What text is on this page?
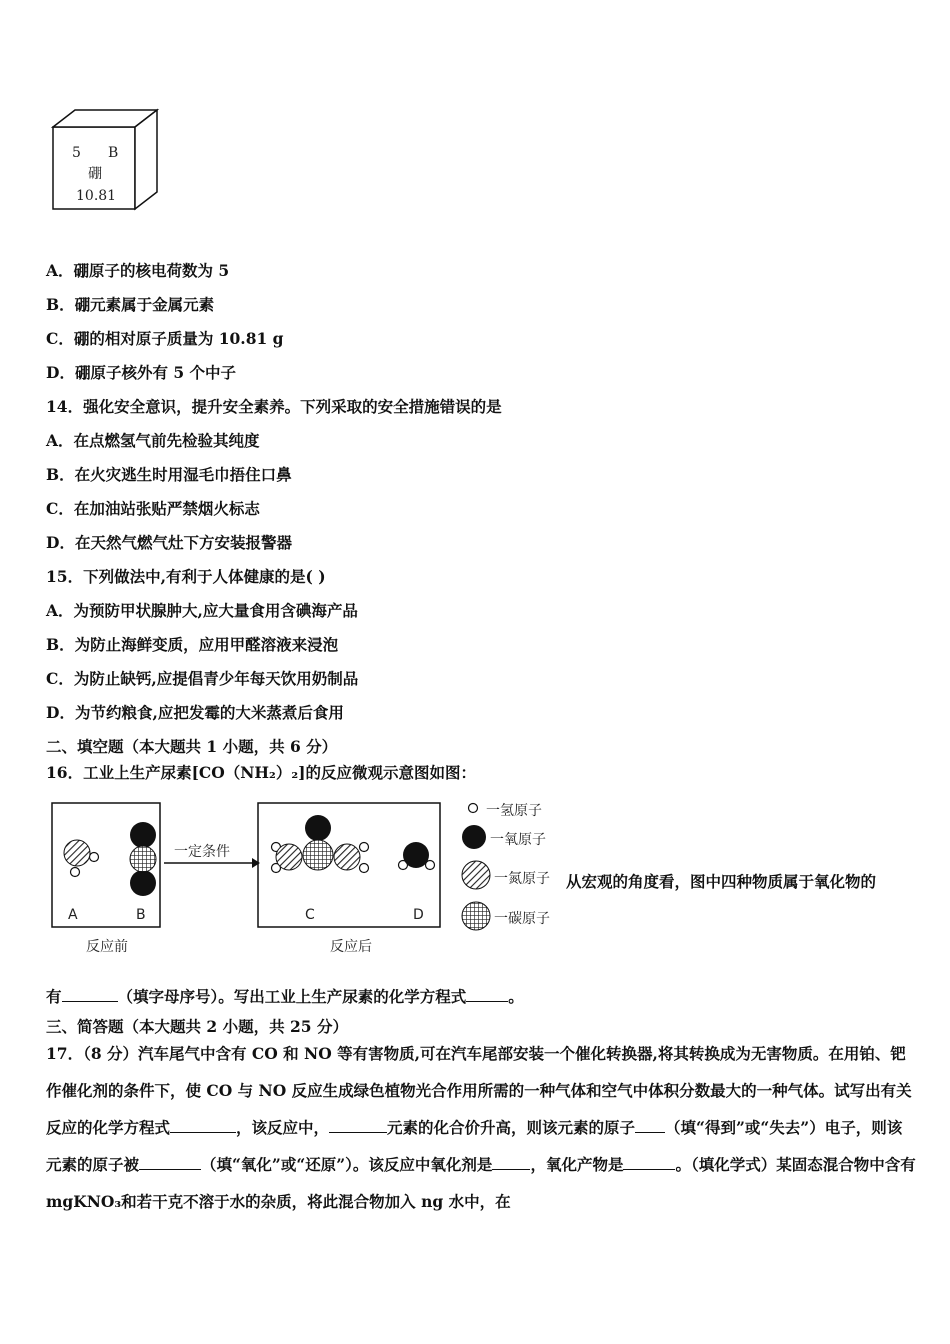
5 B
硼
10.81
A．硼原子的核电荷数为 5
B．硼元素属于金属元素
C．硼的相对原子质量为 10.81 g
D．硼原子核外有 5 个中子
14．强化安全意识，提升安全素养。下列采取的安全措施错误的是
A．在点燃氢气前先检验其纯度
B．在火灾逃生时用湿毛巾捂住口鼻
C．在加油站张贴严禁烟火标志
D．在天然气燃气灶下方安装报警器
15．下列做法中,有利于人体健康的是( )
A．为预防甲状腺肿大,应大量食用含碘海产品
B．为防止海鲜变质，应用甲醛溶液来浸泡
C．为防止缺钙,应提倡青少年每天饮用奶制品
D．为节约粮食,应把发霉的大米蒸煮后食用
二、填空题（本大题共 1 小题，共 6 分）
16．工业上生产尿素[CO（NH₂）₂]的反应微观示意图如图：
一定条件
A	B	C	D
反应前	反应后
一氢原子
一氧原子
一氮原子
一碳原子
从宏观的角度看，图中四种物质属于氧化物的
有	（填字母序号）。写出工业上生产尿素的化学方程式	。
三、简答题（本大题共 2 小题，共 25 分）
17．（8 分）汽车尾气中含有 CO 和 NO 等有害物质,可在汽车尾部安装一个催化转换器,将其转换成为无害物质。在用铂、钯作催化剂的条件下，使 CO 与 NO 反应生成绿色植物光合作用所需的一种气体和空气中体积分数最大的一种气体。试写出有关反应的化学方程式	，该反应中，	元素的化合价升高，则该元素的原子 （填“得到”或“失去”）电子，则该元素的原子被	（填“氧化”或“还原”）。该反应中氧化剂是 ，氧化产物是	。（填化学式）某固态混合物中含有 mgKNO₃和若干克不溶于水的杂质，将此混合物加入 ng 水中，在
